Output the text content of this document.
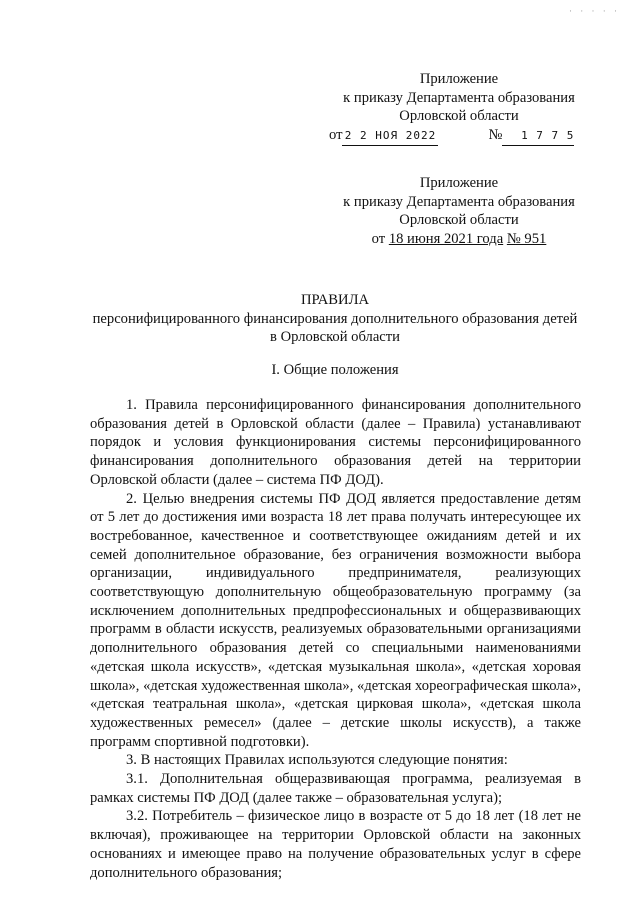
· · · · ·
Приложение
к приказу Департамента образования
Орловской области
от 2 2 НОЯ 2022	№ 1 7 7 5
Приложение
к приказу Департамента образования
Орловской области
от 18 июня 2021 года № 951
ПРАВИЛА
персонифицированного финансирования дополнительного образования детей
в Орловской области
I. Общие положения

1. Правила персонифицированного финансирования дополнительного образования детей в Орловской области (далее – Правила) устанавливают порядок и условия функционирования системы персонифицированного финансирования дополнительного образования детей на территории Орловской области (далее – система ПФ ДОД).

2. Целью внедрения системы ПФ ДОД является предоставление детям от 5 лет до достижения ими возраста 18 лет права получать интересующее их востребованное, качественное и соответствующее ожиданиям детей и их семей дополнительное образование, без ограничения возможности выбора организации, индивидуального предпринимателя, реализующих соответствующую дополнительную общеобразовательную программу (за исключением дополнительных предпрофессиональных и общеразвивающих программ в области искусств, реализуемых образовательными организациями дополнительного образования детей со специальными наименованиями «детская школа искусств», «детская музыкальная школа», «детская хоровая школа», «детская художественная школа», «детская хореографическая школа», «детская театральная школа», «детская цирковая школа», «детская школа художественных ремесел» (далее – детские школы искусств), а также программ спортивной подготовки).

3. В настоящих Правилах используются следующие понятия:

3.1. Дополнительная общеразвивающая программа, реализуемая в рамках системы ПФ ДОД (далее также – образовательная услуга);

3.2. Потребитель – физическое лицо в возрасте от 5 до 18 лет (18 лет не включая), проживающее на территории Орловской области на законных основаниях и имеющее право на получение образовательных услуг в сфере дополнительного образования;
